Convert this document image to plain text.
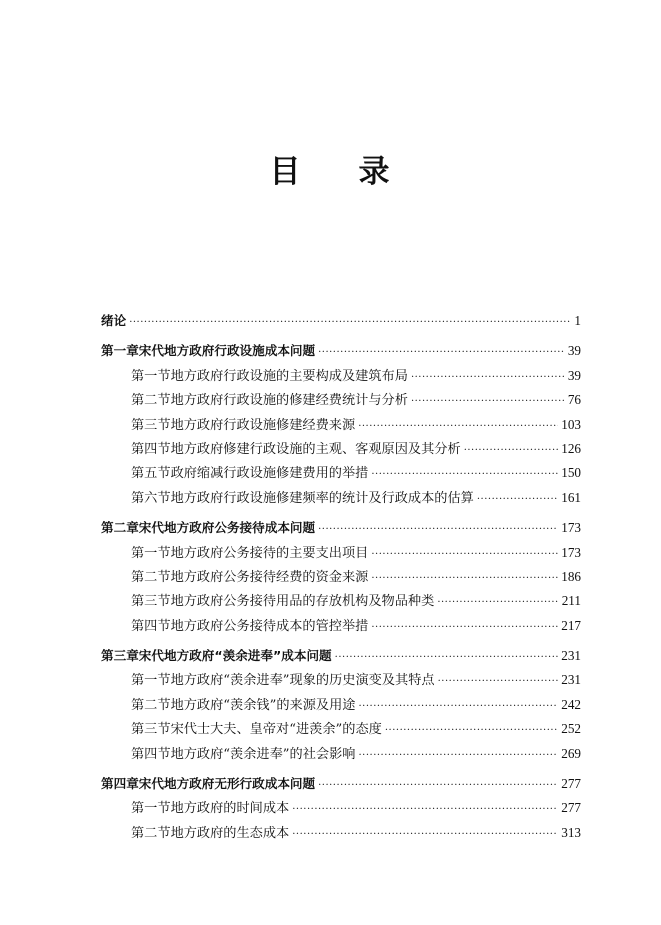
目 录
绪论 ·····	1
第一章 宋代地方政府行政设施成本问题 ·····	39
第一节 地方政府行政设施的主要构成及建筑布局 ·····	39
第二节 地方政府行政设施的修建经费统计与分析 ·····	76
第三节 地方政府行政设施修建经费来源 ·····	103
第四节 地方政府修建行政设施的主观、客观原因及其分析 ·····	126
第五节 政府缩减行政设施修建费用的举措 ·····	150
第六节 地方政府行政设施修建频率的统计及行政成本的估算 ·····	161
第二章 宋代地方政府公务接待成本问题 ·····	173
第一节 地方政府公务接待的主要支出项目 ·····	173
第二节 地方政府公务接待经费的资金来源 ·····	186
第三节 地方政府公务接待用品的存放机构及物品种类 ·····	211
第四节 地方政府公务接待成本的管控举措 ·····	217
第三章 宋代地方政府“羡余进奉”成本问题 ·····	231
第一节 地方政府“羡余进奉”现象的历史演变及其特点 ·····	231
第二节 地方政府“羡余钱”的来源及用途 ·····	242
第三节 宋代士大夫、皇帝对“进羡余”的态度 ·····	252
第四节 地方政府“羡余进奉”的社会影响 ·····	269
第四章 宋代地方政府无形行政成本问题 ·····	277
第一节 地方政府的时间成本 ·····	277
第二节 地方政府的生态成本 ·····	313
